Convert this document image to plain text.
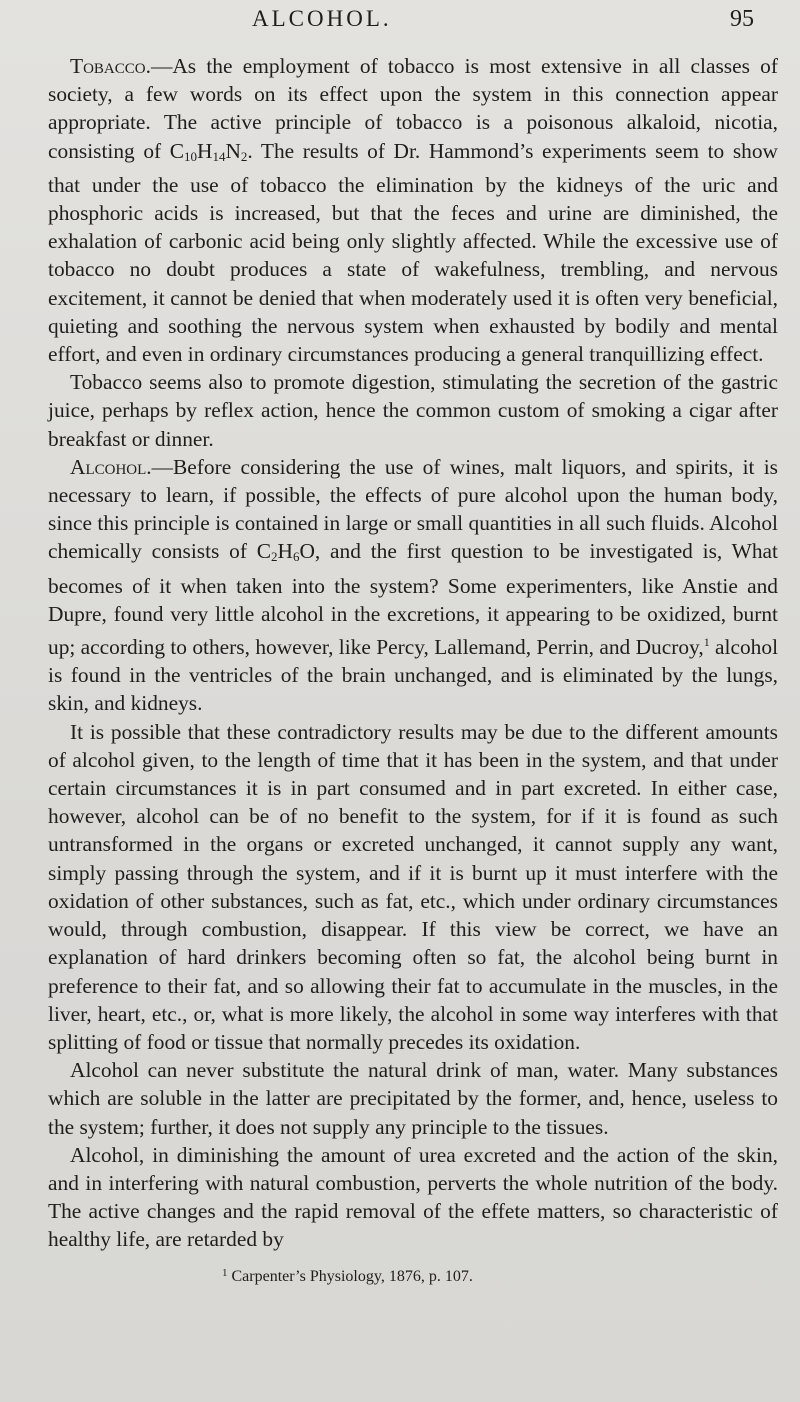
ALCOHOL.	95

Tobacco.—As the employment of tobacco is most extensive in all classes of society, a few words on its effect upon the system in this connection appear appropriate. The active principle of tobacco is a poisonous alkaloid, nicotia, consisting of $C_{10}H_{14}N_2$. The results of Dr. Hammond’s experiments seem to show that under the use of tobacco the elimination by the kidneys of the uric and phosphoric acids is increased, but that the feces and urine are diminished, the exhalation of carbonic acid being only slightly affected. While the excessive use of tobacco no doubt produces a state of wakefulness, trembling, and nervous excitement, it cannot be denied that when moderately used it is often very beneficial, quieting and soothing the nervous system when exhausted by bodily and mental effort, and even in ordinary circumstances producing a general tranquillizing effect.

Tobacco seems also to promote digestion, stimulating the secretion of the gastric juice, perhaps by reflex action, hence the common custom of smoking a cigar after breakfast or dinner.

Alcohol.—Before considering the use of wines, malt liquors, and spirits, it is necessary to learn, if possible, the effects of pure alcohol upon the human body, since this principle is contained in large or small quantities in all such fluids. Alcohol chemically consists of $C_2H_6O$, and the first question to be investigated is, What becomes of it when taken into the system? Some experimenters, like Anstie and Dupre, found very little alcohol in the excretions, it appearing to be oxidized, burnt up; according to others, however, like Percy, Lallemand, Perrin, and Ducroy,$^1$ alcohol is found in the ventricles of the brain unchanged, and is eliminated by the lungs, skin, and kidneys.

It is possible that these contradictory results may be due to the different amounts of alcohol given, to the length of time that it has been in the system, and that under certain circumstances it is in part consumed and in part excreted. In either case, however, alcohol can be of no benefit to the system, for if it is found as such untransformed in the organs or excreted unchanged, it cannot supply any want, simply passing through the system, and if it is burnt up it must interfere with the oxidation of other substances, such as fat, etc., which under ordinary circumstances would, through combustion, disappear. If this view be correct, we have an explanation of hard drinkers becoming often so fat, the alcohol being burnt in preference to their fat, and so allowing their fat to accumulate in the muscles, in the liver, heart, etc., or, what is more likely, the alcohol in some way interferes with that splitting of food or tissue that normally precedes its oxidation.

Alcohol can never substitute the natural drink of man, water. Many substances which are soluble in the latter are precipitated by the former, and, hence, useless to the system; further, it does not supply any principle to the tissues.

Alcohol, in diminishing the amount of urea excreted and the action of the skin, and in interfering with natural combustion, perverts the whole nutrition of the body. The active changes and the rapid removal of the effete matters, so characteristic of healthy life, are retarded by

$^1$ Carpenter’s Physiology, 1876, p. 107.
